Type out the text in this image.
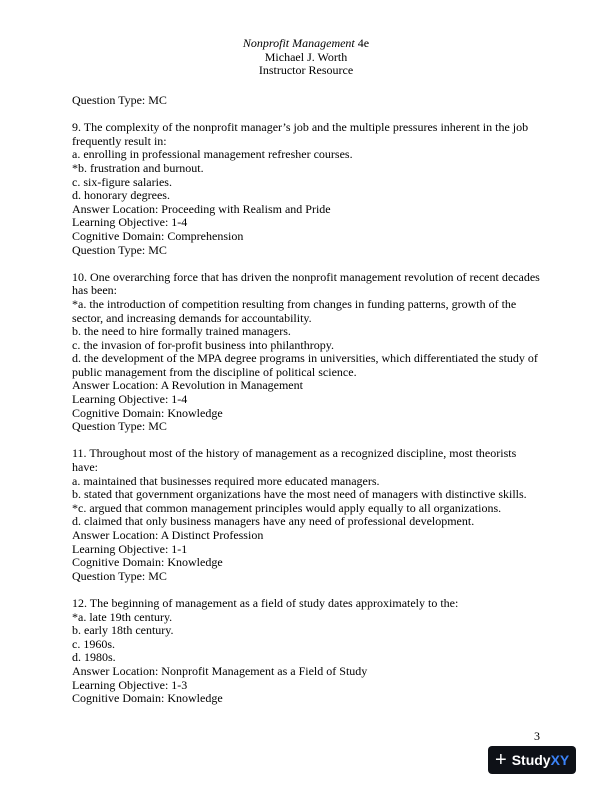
Nonprofit Management 4e
Michael J. Worth
Instructor Resource
Question Type: MC
9. The complexity of the nonprofit manager’s job and the multiple pressures inherent in the job
frequently result in:
a. enrolling in professional management refresher courses.
*b. frustration and burnout.
c. six-figure salaries.
d. honorary degrees.
Answer Location: Proceeding with Realism and Pride
Learning Objective: 1-4
Cognitive Domain: Comprehension
Question Type: MC
10. One overarching force that has driven the nonprofit management revolution of recent decades
has been:
*a. the introduction of competition resulting from changes in funding patterns, growth of the
sector, and increasing demands for accountability.
b. the need to hire formally trained managers.
c. the invasion of for-profit business into philanthropy.
d. the development of the MPA degree programs in universities, which differentiated the study of
public management from the discipline of political science.
Answer Location: A Revolution in Management
Learning Objective: 1-4
Cognitive Domain: Knowledge
Question Type: MC
11. Throughout most of the history of management as a recognized discipline, most theorists
have:
a. maintained that businesses required more educated managers.
b. stated that government organizations have the most need of managers with distinctive skills.
*c. argued that common management principles would apply equally to all organizations.
d. claimed that only business managers have any need of professional development.
Answer Location: A Distinct Profession
Learning Objective: 1-1
Cognitive Domain: Knowledge
Question Type: MC
12. The beginning of management as a field of study dates approximately to the:
*a. late 19th century.
b. early 18th century.
c. 1960s.
d. 1980s.
Answer Location: Nonprofit Management as a Field of Study
Learning Objective: 1-3
Cognitive Domain: Knowledge
3
+ StudyXY
